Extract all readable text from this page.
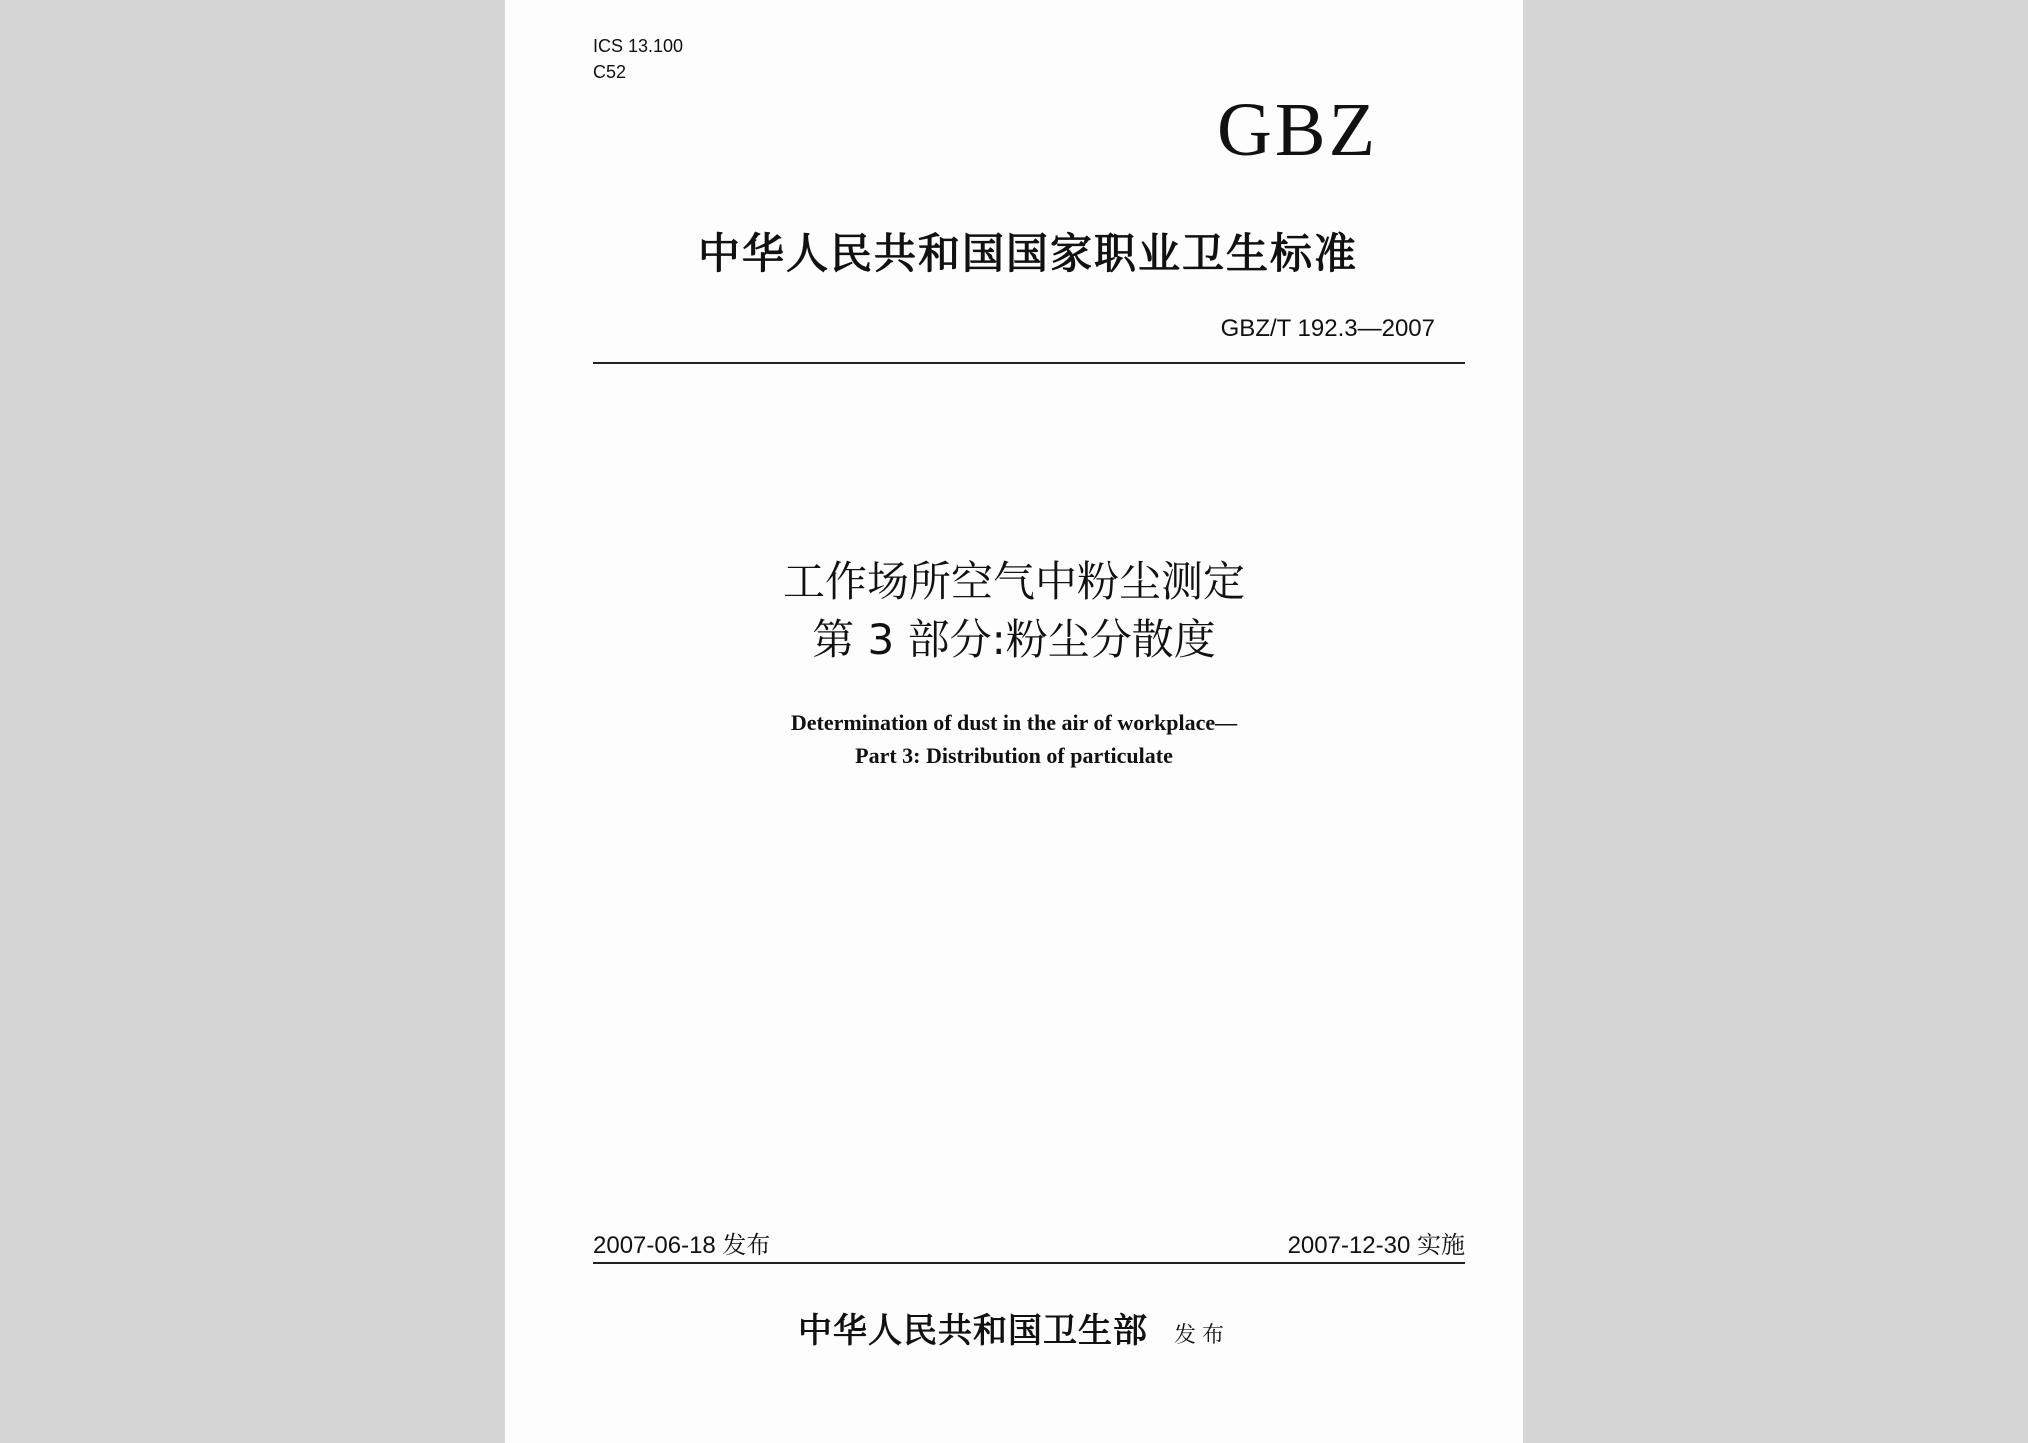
ICS 13.100
C52
GBZ
中华人民共和国国家职业卫生标准
GBZ/T 192.3—2007
工作场所空气中粉尘测定
第 3 部分:粉尘分散度
Determination of dust in the air of workplace—
Part 3: Distribution of particulate
2007-06-18 发布	2007-12-30 实施
中华人民共和国卫生部 发布
